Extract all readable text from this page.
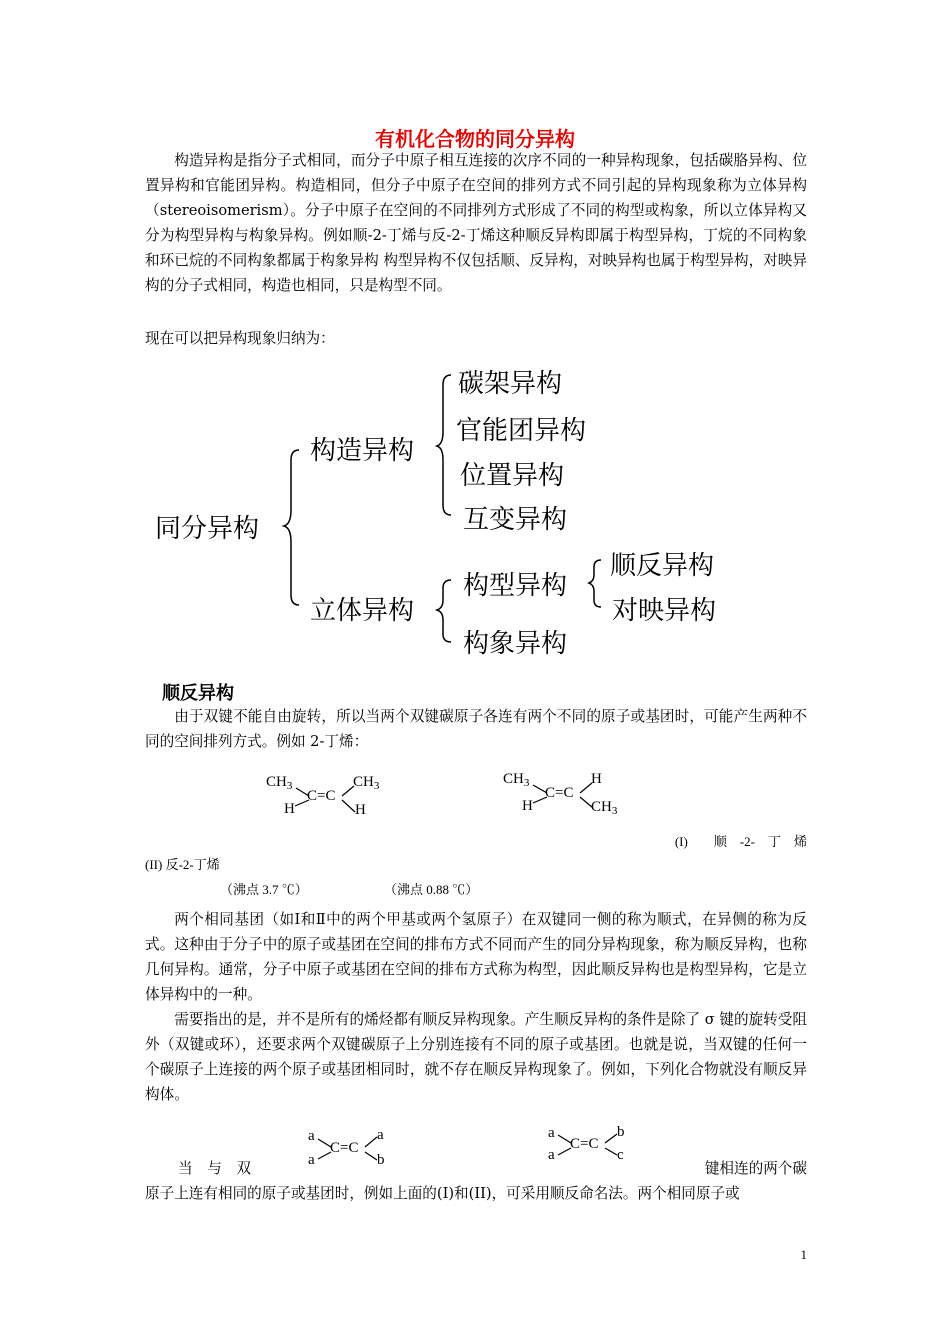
有机化合物的同分异构

构造异构是指分子式相同，而分子中原子相互连接的次序不同的一种异构现象，包括碳胳异构、位置异构和官能团异构。构造相同，但分子中原子在空间的排列方式不同引起的异构现象称为立体异构（stereoisomerism）。分子中原子在空间的不同排列方式形成了不同的构型或构象，所以立体异构又分为构型异构与构象异构。例如顺-2-丁烯与反-2-丁烯这种顺反异构即属于构型异构，丁烷的不同构象和环已烷的不同构象都属于构象异构 构型异构不仅包括顺、反异构，对映异构也属于构型异构，对映异构的分子式相同，构造也相同，只是构型不同。

现在可以把异构现象归纳为：

同分异构
构造异构
立体异构
碳架异构
官能团异构
位置异构
互变异构
构型异构
构象异构
顺反异构
对映异构
顺反异构

由于双键不能自由旋转，所以当两个双键碳原子各连有两个不同的原子或基团时，可能产生两种不同的空间排列方式。例如 2-丁烯：

$CH_3$
H
C=C
$CH_3$
H
$CH_3$
H
C=C
H
$CH_3$
(I)　　顺　-2-　丁　烯
(II) 反-2-丁烯
（沸点 3.7 ℃）	（沸点 0.88 ℃）

两个相同基团（如Ⅰ和Ⅱ中的两个甲基或两个氢原子）在双键同一侧的称为顺式，在异侧的称为反式。这种由于分子中的原子或基团在空间的排布方式不同而产生的同分异构现象，称为顺反异构，也称几何异构。通常，分子中原子或基团在空间的排布方式称为构型，因此顺反异构也是构型异构，它是立体异构中的一种。

需要指出的是，并不是所有的烯烃都有顺反异构现象。产生顺反异构的条件是除了 σ 键的旋转受阻外（双键或环），还要求两个双键碳原子上分别连接有不同的原子或基团。也就是说，当双键的任何一个碳原子上连接的两个原子或基团相同时，就不存在顺反异构现象了。例如，下列化合物就没有顺反异构体。

a
a
C=C
a
b
a
a
C=C
b
c
当　与　双	键相连的两个碳
原子上连有相同的原子或基团时，例如上面的(I)和(II)，可采用顺反命名法。两个相同原子或
1
